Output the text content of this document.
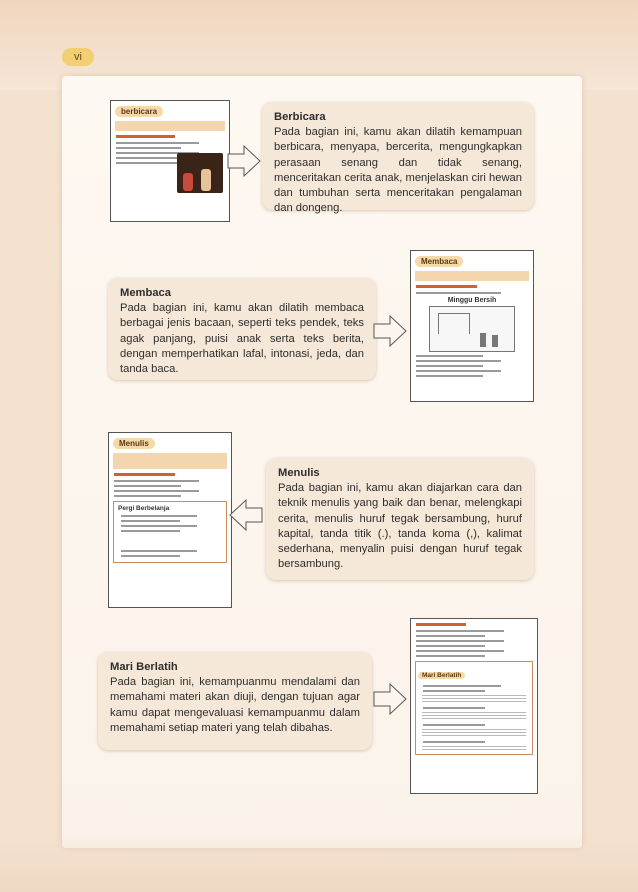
vi
berbicara	Berbicara
Pada bagian ini, kamu akan dilatih kemampuan berbicara, menyapa, bercerita, mengungkapkan perasaan senang dan tidak senang, menceritakan cerita anak, menjelaskan ciri hewan dan tumbuhan serta menceritakan pengalaman dan dongeng.
Membaca
Pada bagian ini, kamu akan dilatih membaca berbagai jenis bacaan, seperti teks pendek, teks agak panjang, puisi anak serta teks berita, dengan memperhatikan lafal, intonasi, jeda, dan tanda baca.
Membaca
Minggu Bersih
Menulis
Pergi Berbelanja
Menulis
Pada bagian ini, kamu akan diajarkan cara dan teknik menulis yang baik dan benar, melengkapi cerita, menulis huruf tegak bersambung, huruf kapital, tanda titik (.), tanda koma (,), kalimat sederhana, menyalin puisi dengan huruf tegak bersambung.
Mari Berlatih
Pada bagian ini, kemampuanmu mendalami dan memahami materi akan diuji, dengan tujuan agar kamu dapat mengevaluasi kemampuanmu dalam memahami setiap materi yang telah dibahas.
Mari Berlatih
